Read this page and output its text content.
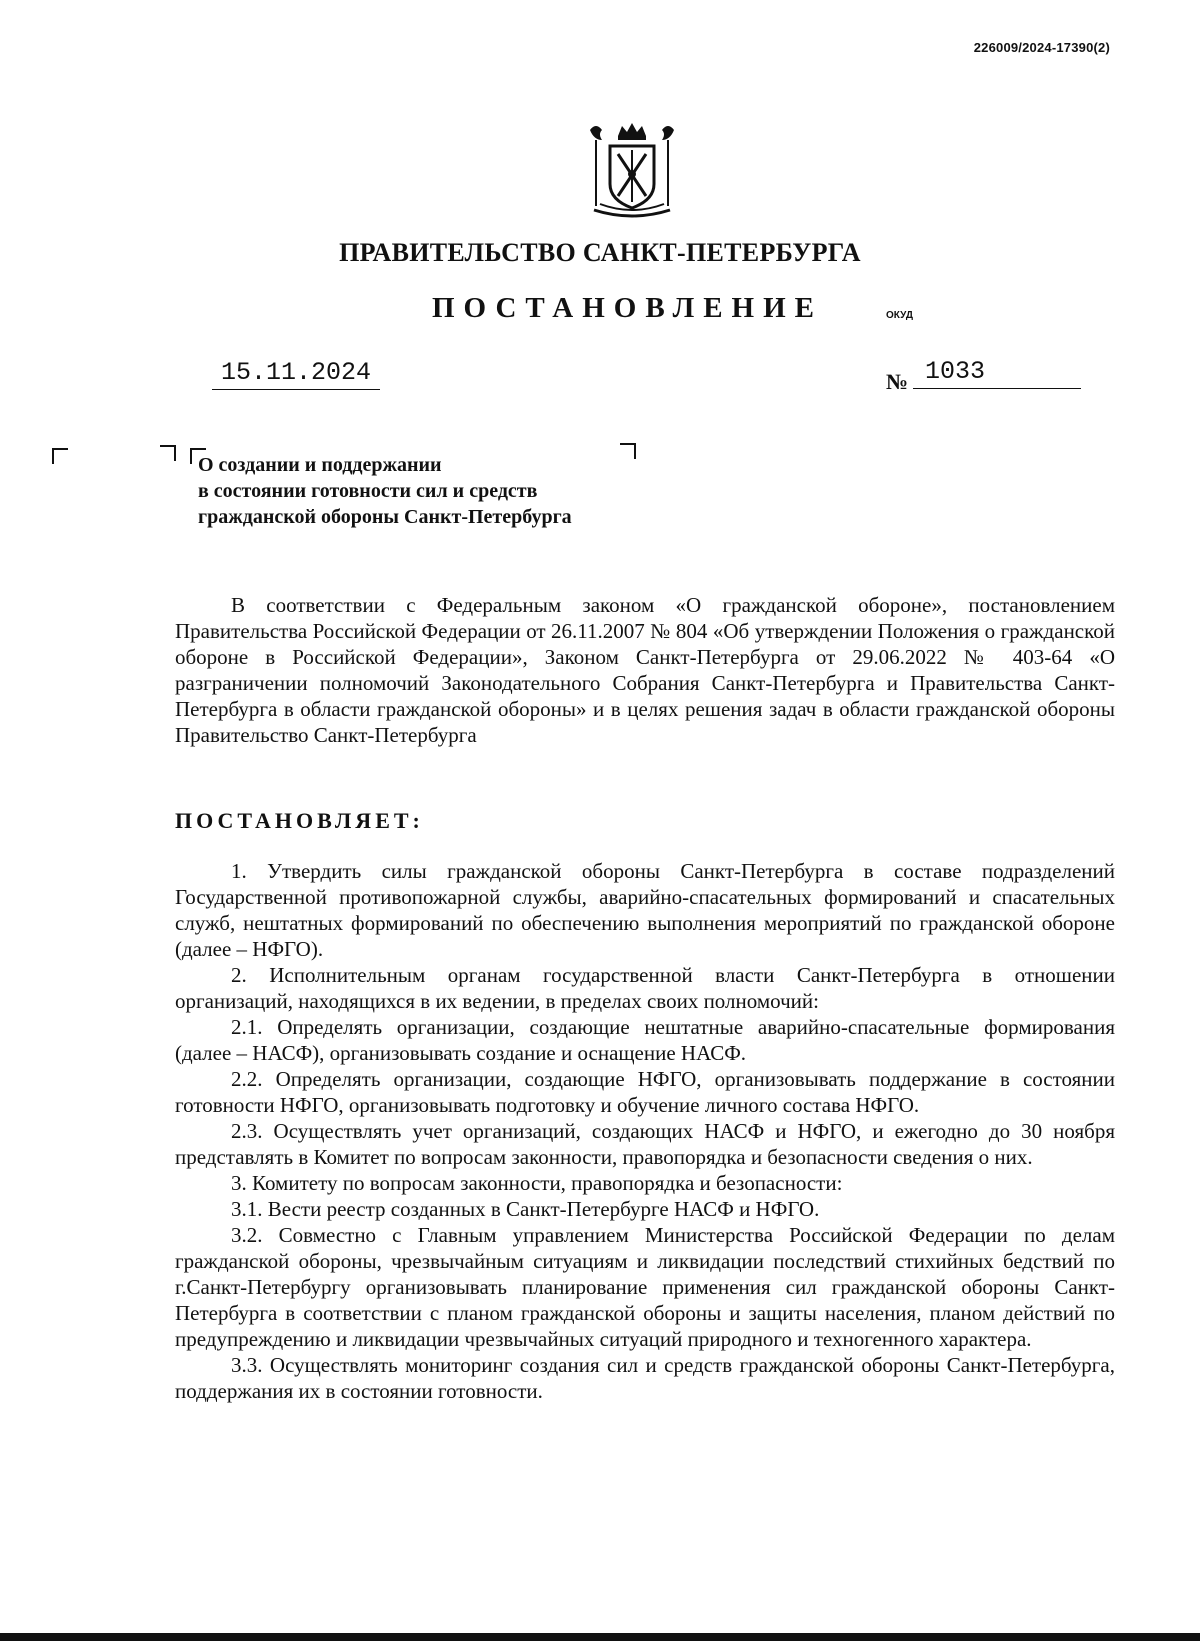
226009/2024-17390(2)
ПРАВИТЕЛЬСТВО САНКТ-ПЕТЕРБУРГА
ПОСТАНОВЛЕНИЕ	ОКУД
15.11.2024	№ 1033
О создании и поддержании
в состоянии готовности сил и средств
гражданской обороны Санкт-Петербурга
В соответствии с Федеральным законом «О гражданской обороне», постановлением Правительства Российской Федерации от 26.11.2007 № 804 «Об утверждении Положения о гражданской обороне в Российской Федерации», Законом Санкт-Петербурга от 29.06.2022 № 403-64 «О разграничении полномочий Законодательного Собрания Санкт-Петербурга и Правительства Санкт-Петербурга в области гражданской обороны» и в целях решения задач в области гражданской обороны Правительство Санкт-Петербурга
ПОСТАНОВЛЯЕТ:

1. Утвердить силы гражданской обороны Санкт-Петербурга в составе подразделений Государственной противопожарной службы, аварийно-спасательных формирований и спасательных служб, нештатных формирований по обеспечению выполнения мероприятий по гражданской обороне (далее – НФГО).

2. Исполнительным органам государственной власти Санкт-Петербурга в отношении организаций, находящихся в их ведении, в пределах своих полномочий:

2.1. Определять организации, создающие нештатные аварийно-спасательные формирования (далее – НАСФ), организовывать создание и оснащение НАСФ.

2.2. Определять организации, создающие НФГО, организовывать поддержание в состоянии готовности НФГО, организовывать подготовку и обучение личного состава НФГО.

2.3. Осуществлять учет организаций, создающих НАСФ и НФГО, и ежегодно до 30 ноября представлять в Комитет по вопросам законности, правопорядка и безопасности сведения о них.

3. Комитету по вопросам законности, правопорядка и безопасности:

3.1. Вести реестр созданных в Санкт-Петербурге НАСФ и НФГО.

3.2. Совместно с Главным управлением Министерства Российской Федерации по делам гражданской обороны, чрезвычайным ситуациям и ликвидации последствий стихийных бедствий по г.Санкт-Петербургу организовывать планирование применения сил гражданской обороны Санкт-Петербурга в соответствии с планом гражданской обороны и защиты населения, планом действий по предупреждению и ликвидации чрезвычайных ситуаций природного и техногенного характера.

3.3. Осуществлять мониторинг создания сил и средств гражданской обороны Санкт-Петербурга, поддержания их в состоянии готовности.
